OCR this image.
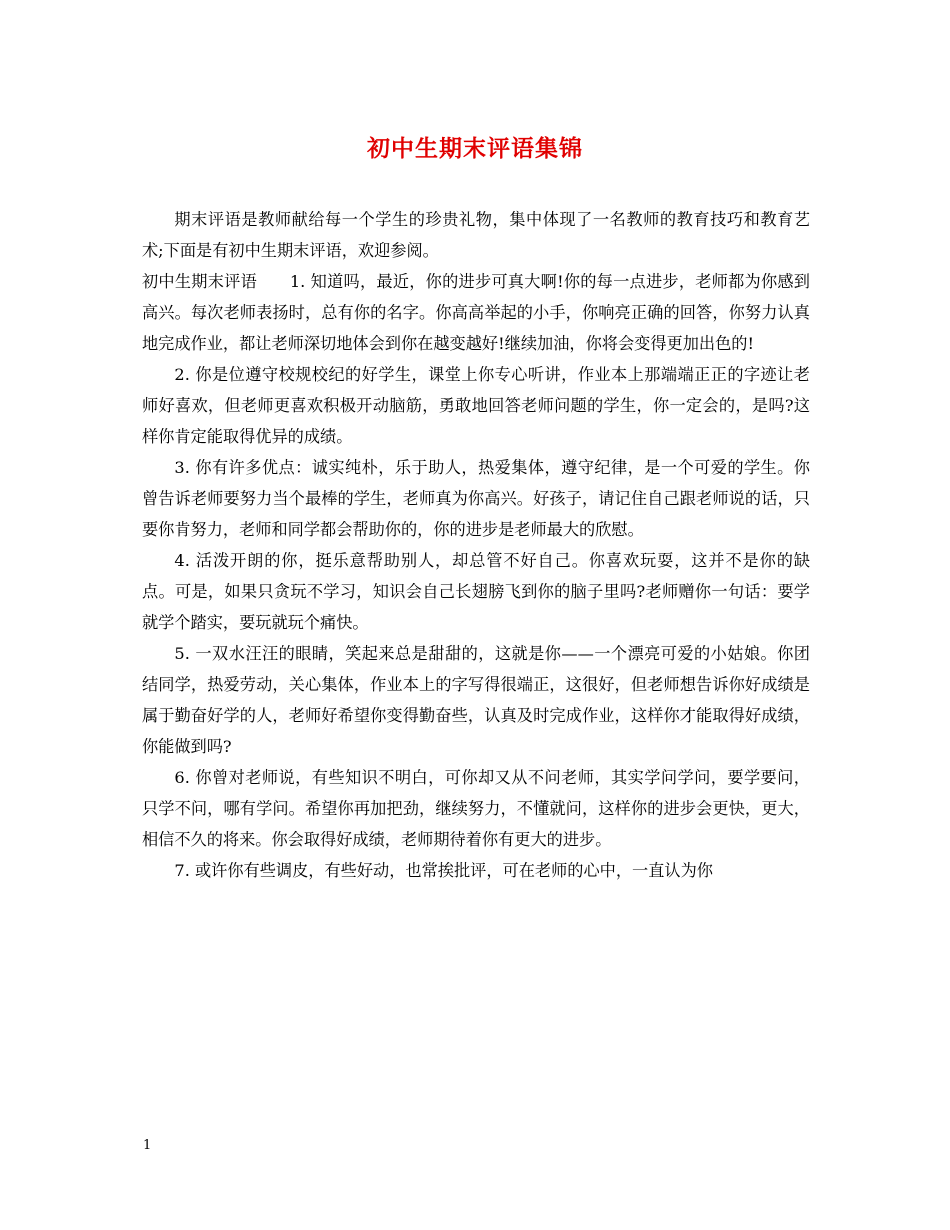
初中生期末评语集锦

期末评语是教师献给每一个学生的珍贵礼物，集中体现了一名教师的教育技巧和教育艺术;下面是有初中生期末评语，欢迎参阅。

初中生期末评语　　1. 知道吗，最近，你的进步可真大啊!你的每一点进步，老师都为你感到高兴。每次老师表扬时，总有你的名字。你高高举起的小手，你响亮正确的回答，你努力认真地完成作业，都让老师深切地体会到你在越变越好!继续加油，你将会变得更加出色的!

2. 你是位遵守校规校纪的好学生，课堂上你专心听讲，作业本上那端端正正的字迹让老师好喜欢，但老师更喜欢积极开动脑筋，勇敢地回答老师问题的学生，你一定会的，是吗?这样你肯定能取得优异的成绩。

3. 你有许多优点：诚实纯朴，乐于助人，热爱集体，遵守纪律，是一个可爱的学生。你曾告诉老师要努力当个最棒的学生，老师真为你高兴。好孩子，请记住自己跟老师说的话，只要你肯努力，老师和同学都会帮助你的，你的进步是老师最大的欣慰。

4. 活泼开朗的你，挺乐意帮助别人，却总管不好自己。你喜欢玩耍，这并不是你的缺点。可是，如果只贪玩不学习，知识会自己长翅膀飞到你的脑子里吗?老师赠你一句话：要学就学个踏实，要玩就玩个痛快。

5. 一双水汪汪的眼睛，笑起来总是甜甜的，这就是你——一个漂亮可爱的小姑娘。你团结同学，热爱劳动，关心集体，作业本上的字写得很端正，这很好，但老师想告诉你好成绩是属于勤奋好学的人，老师好希望你变得勤奋些，认真及时完成作业，这样你才能取得好成绩，你能做到吗?

6. 你曾对老师说，有些知识不明白，可你却又从不问老师，其实学问学问，要学要问，只学不问，哪有学问。希望你再加把劲，继续努力，不懂就问，这样你的进步会更快，更大，相信不久的将来。你会取得好成绩，老师期待着你有更大的进步。

7. 或许你有些调皮，有些好动，也常挨批评，可在老师的心中，一直认为你

1
